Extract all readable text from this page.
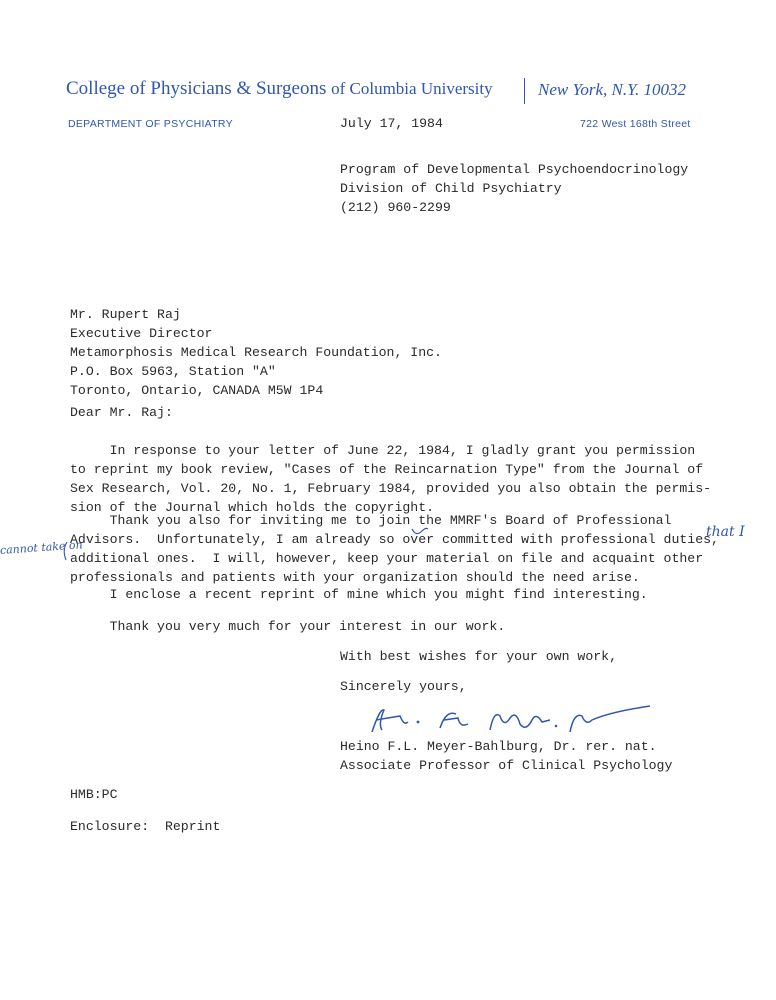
College of Physicians & Surgeons of Columbia University	New York, N.Y. 10032
DEPARTMENT OF PSYCHIATRY	July 17, 1984	722 West 168th Street
Program of Developmental Psychoendocrinology
Division of Child Psychiatry
(212) 960-2299
Mr. Rupert Raj
Executive Director
Metamorphosis Medical Research Foundation, Inc.
P.O. Box 5963, Station "A"
Toronto, Ontario, CANADA M5W 1P4
Dear Mr. Raj:
In response to your letter of June 22, 1984, I gladly grant you permission
to reprint my book review, "Cases of the Reincarnation Type" from the Journal of
Sex Research, Vol. 20, No. 1, February 1984, provided you also obtain the permis-
sion of the Journal which holds the copyright.
Thank you also for inviting me to join the MMRF's Board of Professional
Advisors.  Unfortunately, I am already so over committed with professional duties,
additional ones.  I will, however, keep your material on file and acquaint other
professionals and patients with your organization should the need arise.
that I
cannot take on
I enclose a recent reprint of mine which you might find interesting.
Thank you very much for your interest in our work.
With best wishes for your own work,
Sincerely yours,
Heino F.L. Meyer-Bahlburg, Dr. rer. nat.
Associate Professor of Clinical Psychology
HMB:PC
Enclosure:  Reprint
